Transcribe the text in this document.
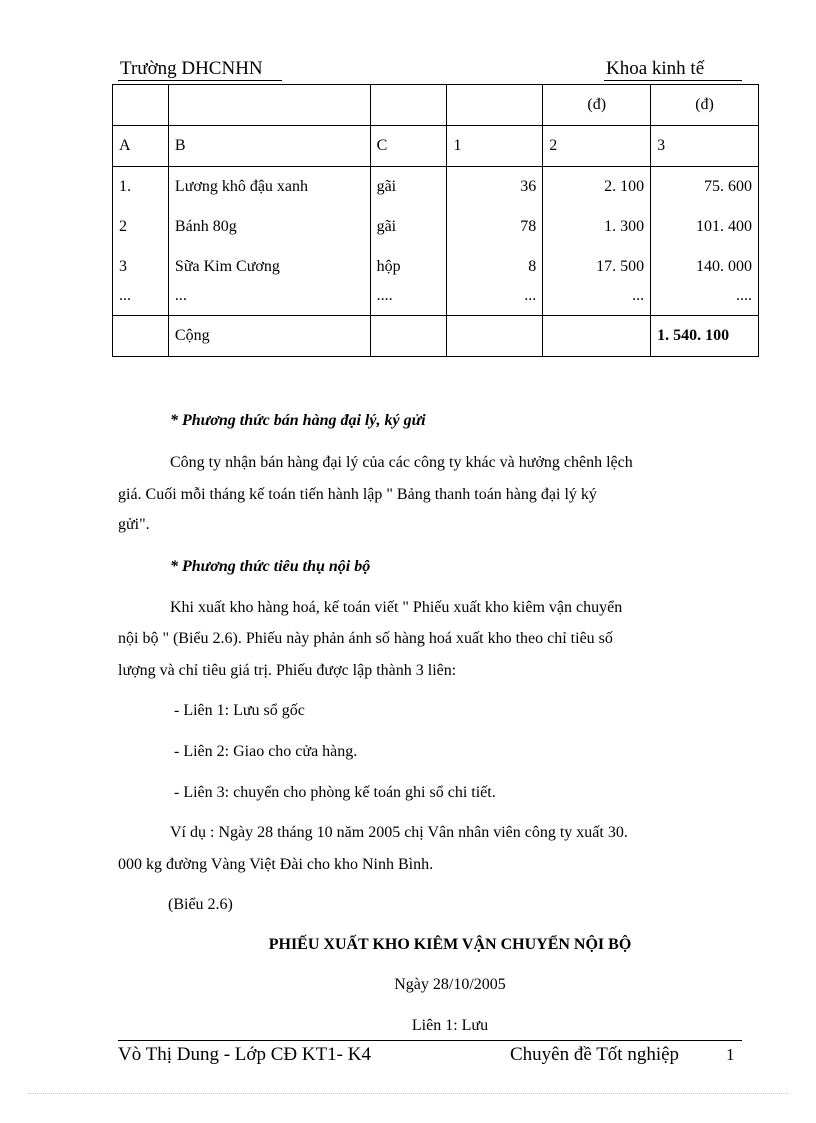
Trường DHCNHN	Khoa kinh tế
				(đ)	(đ)
A	B	C	1	2	3
1.	Lương khô đậu xanh	gãi	36	2. 100	75. 600
2	Bánh 80g	gãi	78	1. 300	101. 400
3	Sữa Kim Cương	hộp	8	17. 500	140. 000
...	...	....	...	...	....
	Cộng				1. 540. 100
* Phương thức bán hàng đại lý, ký gửi
Công ty nhận bán hàng đại lý của các công ty khác và hưởng chênh lệch
giá. Cuối mỗi tháng kế toán tiến hành lập " Bảng thanh toán hàng đại lý ký
gửi".
* Phương thức tiêu thụ nội bộ
Khi xuất kho hàng hoá, kế toán viết " Phiếu xuất kho kiêm vận chuyển
nội bộ " (Biểu 2.6). Phiếu này phản ánh số hàng hoá xuất kho theo chỉ tiêu số
lượng và chỉ tiêu giá trị. Phiếu được lập thành 3 liên:
- Liên 1: Lưu sổ gốc
- Liên 2: Giao cho cửa hàng.
- Liên 3: chuyển cho phòng kế toán ghi sổ chi tiết.
Ví dụ : Ngày 28 tháng 10 năm 2005 chị Vân nhân viên công ty xuất 30.
000 kg đường Vàng Việt Đài cho kho Ninh Bình.
(Biểu 2.6)
PHIẾU XUẤT KHO KIÊM VẬN CHUYỂN NỘI BỘ
Ngày 28/10/2005
Liên 1: Lưu
Vò Thị Dung - Lớp CĐ KT1- K4	Chuyên đề Tốt nghiệp	1
